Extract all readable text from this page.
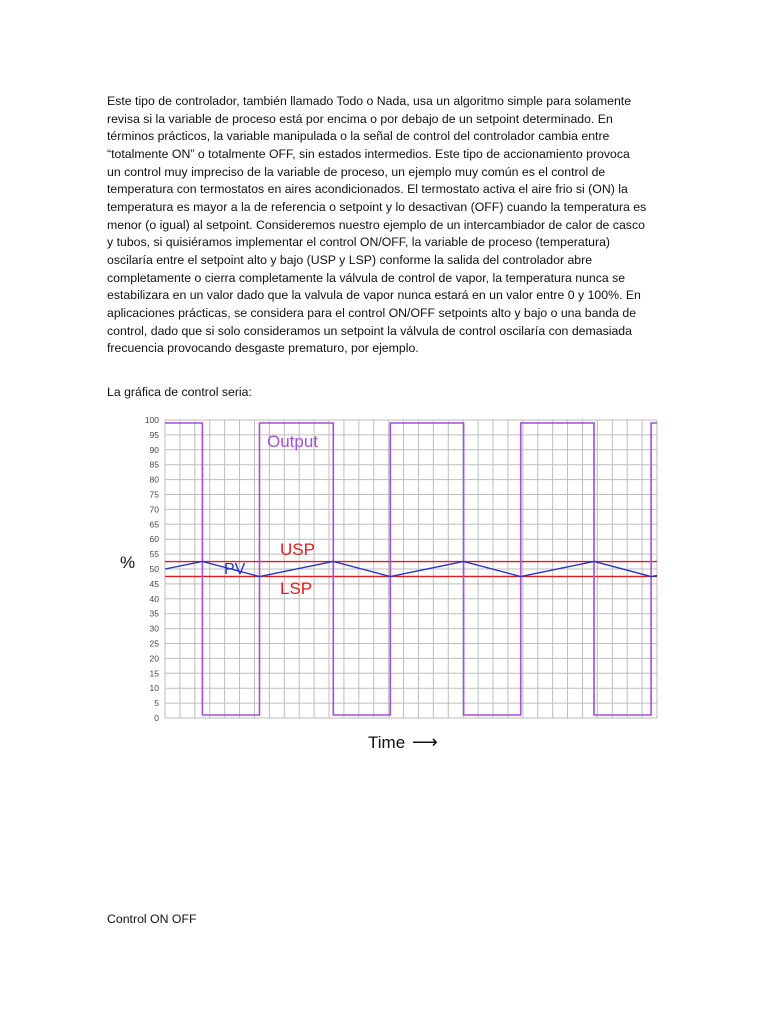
Este tipo de controlador, también llamado Todo o Nada, usa un algoritmo simple para solamente
revisa si la variable de proceso está por encima o por debajo de un setpoint determinado. En
términos prácticos, la variable manipulada o la señal de control del controlador cambia entre
“totalmente ON” o totalmente OFF, sin estados intermedios. Este tipo de accionamiento provoca
un control muy impreciso de la variable de proceso, un ejemplo muy común es el control de
temperatura con termostatos en aires acondicionados. El termostato activa el aire frio si (ON) la
temperatura es mayor a la de referencia o setpoint y lo desactivan (OFF) cuando la temperatura es
menor (o igual) al setpoint. Consideremos nuestro ejemplo de un intercambiador de calor de casco
y tubos, si quisiéramos implementar el control ON/OFF, la variable de proceso (temperatura)
oscilaría entre el setpoint alto y bajo (USP y LSP) conforme la salida del controlador abre
completamente o cierra completamente la válvula de control de vapor, la temperatura nunca se
estabilizara en un valor dado que la valvula de vapor nunca estará en un valor entre 0 y 100%. En
aplicaciones prácticas, se considera para el control ON/OFF setpoints alto y bajo o una banda de
control, dado que si solo consideramos un setpoint la válvula de control oscilaría con demasiada
frecuencia provocando desgaste prematuro, por ejemplo.

La gráfica de control seria:

0
5
10
15
20
25
30
35
40
45
50
55
60
65
70
75
80
85
90
95
100
%
Output
USP
PV
LSP
Time ⟶

Control ON OFF
